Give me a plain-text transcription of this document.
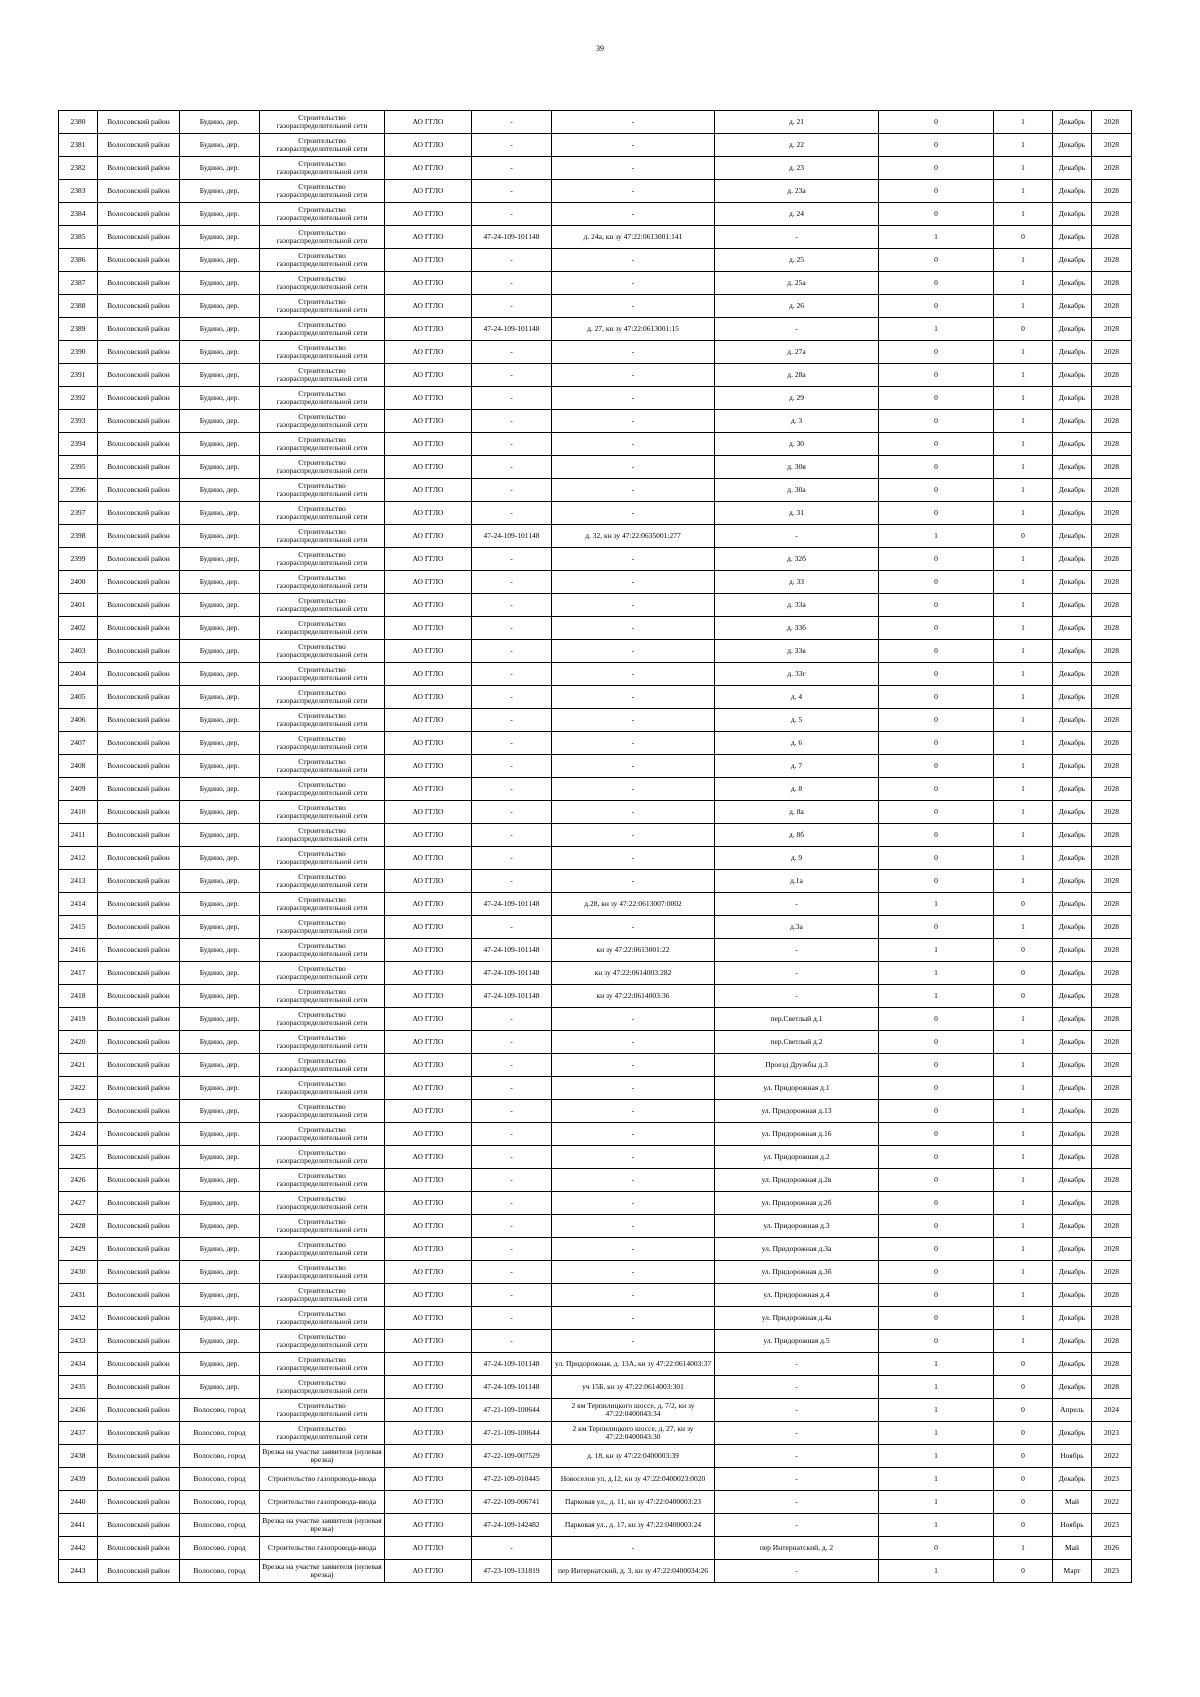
39
2380	Волосовский район	Будино, дер.	Строительство газораспределительной сети	АО ГГЛО	-	-	д. 21	0	1	Декабрь	2028
2381	Волосовский район	Будино, дер.	Строительство газораспределительной сети	АО ГГЛО	-	-	д. 22	0	1	Декабрь	2028
2382	Волосовский район	Будино, дер.	Строительство газораспределительной сети	АО ГГЛО	-	-	д. 23	0	1	Декабрь	2028
2383	Волосовский район	Будино, дер.	Строительство газораспределительной сети	АО ГГЛО	-	-	д. 23а	0	1	Декабрь	2028
2384	Волосовский район	Будино, дер.	Строительство газораспределительной сети	АО ГГЛО	-	-	д. 24	0	1	Декабрь	2028
2385	Волосовский район	Будино, дер.	Строительство газораспределительной сети	АО ГГЛО	47-24-109-101148	д. 24а, кн зу 47:22:0613001:141	-	1	0	Декабрь	2028
2386	Волосовский район	Будино, дер.	Строительство газораспределительной сети	АО ГГЛО	-	-	д. 25	0	1	Декабрь	2028
2387	Волосовский район	Будино, дер.	Строительство газораспределительной сети	АО ГГЛО	-	-	д. 25а	0	1	Декабрь	2028
2388	Волосовский район	Будино, дер.	Строительство газораспределительной сети	АО ГГЛО	-	-	д. 26	0	1	Декабрь	2028
2389	Волосовский район	Будино, дер.	Строительство газораспределительной сети	АО ГГЛО	47-24-109-101148	д. 27, кн зу 47:22:0613001:15	-	1	0	Декабрь	2028
2390	Волосовский район	Будино, дер.	Строительство газораспределительной сети	АО ГГЛО	-	-	д. 27а	0	1	Декабрь	2028
2391	Волосовский район	Будино, дер.	Строительство газораспределительной сети	АО ГГЛО	-	-	д. 28а	0	1	Декабрь	2028
2392	Волосовский район	Будино, дер.	Строительство газораспределительной сети	АО ГГЛО	-	-	д. 29	0	1	Декабрь	2028
2393	Волосовский район	Будино, дер.	Строительство газораспределительной сети	АО ГГЛО	-	-	д. 3	0	1	Декабрь	2028
2394	Волосовский район	Будино, дер.	Строительство газораспределительной сети	АО ГГЛО	-	-	д. 30	0	1	Декабрь	2028
2395	Волосовский район	Будино, дер.	Строительство газораспределительной сети	АО ГГЛО	-	-	д. 30в	0	1	Декабрь	2028
2396	Волосовский район	Будино, дер.	Строительство газораспределительной сети	АО ГГЛО	-	-	д. 30а	0	1	Декабрь	2028
2397	Волосовский район	Будино, дер.	Строительство газораспределительной сети	АО ГГЛО	-	-	д. 31	0	1	Декабрь	2028
2398	Волосовский район	Будино, дер.	Строительство газораспределительной сети	АО ГГЛО	47-24-109-101148	д. 32, кн зу 47:22:0635001:277	-	1	0	Декабрь	2028
2399	Волосовский район	Будино, дер.	Строительство газораспределительной сети	АО ГГЛО	-	-	д. 32б	0	1	Декабрь	2028
2400	Волосовский район	Будино, дер.	Строительство газораспределительной сети	АО ГГЛО	-	-	д. 33	0	1	Декабрь	2028
2401	Волосовский район	Будино, дер.	Строительство газораспределительной сети	АО ГГЛО	-	-	д. 33а	0	1	Декабрь	2028
2402	Волосовский район	Будино, дер.	Строительство газораспределительной сети	АО ГГЛО	-	-	д. 33б	0	1	Декабрь	2028
2403	Волосовский район	Будино, дер.	Строительство газораспределительной сети	АО ГГЛО	-	-	д. 33в	0	1	Декабрь	2028
2404	Волосовский район	Будино, дер.	Строительство газораспределительной сети	АО ГГЛО	-	-	д. 33г	0	1	Декабрь	2028
2405	Волосовский район	Будино, дер.	Строительство газораспределительной сети	АО ГГЛО	-	-	д. 4	0	1	Декабрь	2028
2406	Волосовский район	Будино, дер.	Строительство газораспределительной сети	АО ГГЛО	-	-	д. 5	0	1	Декабрь	2028
2407	Волосовский район	Будино, дер.	Строительство газораспределительной сети	АО ГГЛО	-	-	д. 6	0	1	Декабрь	2028
2408	Волосовский район	Будино, дер.	Строительство газораспределительной сети	АО ГГЛО	-	-	д. 7	0	1	Декабрь	2028
2409	Волосовский район	Будино, дер.	Строительство газораспределительной сети	АО ГГЛО	-	-	д. 8	0	1	Декабрь	2028
2410	Волосовский район	Будино, дер.	Строительство газораспределительной сети	АО ГГЛО	-	-	д. 8а	0	1	Декабрь	2028
2411	Волосовский район	Будино, дер.	Строительство газораспределительной сети	АО ГГЛО	-	-	д. 8б	0	1	Декабрь	2028
2412	Волосовский район	Будино, дер.	Строительство газораспределительной сети	АО ГГЛО	-	-	д. 9	0	1	Декабрь	2028
2413	Волосовский район	Будино, дер.	Строительство газораспределительной сети	АО ГГЛО	-	-	д.1а	0	1	Декабрь	2028
2414	Волосовский район	Будино, дер.	Строительство газораспределительной сети	АО ГГЛО	47-24-109-101148	д.28, кн зу 47:22:0613007:0002	-	1	0	Декабрь	2028
2415	Волосовский район	Будино, дер.	Строительство газораспределительной сети	АО ГГЛО	-	-	д.3а	0	1	Декабрь	2028
2416	Волосовский район	Будино, дер.	Строительство газораспределительной сети	АО ГГЛО	47-24-109-101148	кн зу 47:22:0613001:22	-	1	0	Декабрь	2028
2417	Волосовский район	Будино, дер.	Строительство газораспределительной сети	АО ГГЛО	47-24-109-101148	кн зу 47:22:0614003:282	-	1	0	Декабрь	2028
2418	Волосовский район	Будино, дер.	Строительство газораспределительной сети	АО ГГЛО	47-24-109-101148	кн зу 47:22:0614003:36	-	1	0	Декабрь	2028
2419	Волосовский район	Будино, дер.	Строительство газораспределительной сети	АО ГГЛО	-	-	пер.Светлый д.1	0	1	Декабрь	2028
2420	Волосовский район	Будино, дер.	Строительство газораспределительной сети	АО ГГЛО	-	-	пер.Светлый д.2	0	1	Декабрь	2028
2421	Волосовский район	Будино, дер.	Строительство газораспределительной сети	АО ГГЛО	-	-	Проезд Дружбы д.3	0	1	Декабрь	2028
2422	Волосовский район	Будино, дер.	Строительство газораспределительной сети	АО ГГЛО	-	-	ул. Придорожная д.1	0	1	Декабрь	2028
2423	Волосовский район	Будино, дер.	Строительство газораспределительной сети	АО ГГЛО	-	-	ул. Придорожная д.13	0	1	Декабрь	2028
2424	Волосовский район	Будино, дер.	Строительство газораспределительной сети	АО ГГЛО	-	-	ул. Придорожная д.16	0	1	Декабрь	2028
2425	Волосовский район	Будино, дер.	Строительство газораспределительной сети	АО ГГЛО	-	-	ул. Придорожная д.2	0	1	Декабрь	2028
2426	Волосовский район	Будино, дер.	Строительство газораспределительной сети	АО ГГЛО	-	-	ул. Придорожная д.2в	0	1	Декабрь	2028
2427	Волосовский район	Будино, дер.	Строительство газораспределительной сети	АО ГГЛО	-	-	ул. Придорожная д.2б	0	1	Декабрь	2028
2428	Волосовский район	Будино, дер.	Строительство газораспределительной сети	АО ГГЛО	-	-	ул. Придорожная д.3	0	1	Декабрь	2028
2429	Волосовский район	Будино, дер.	Строительство газораспределительной сети	АО ГГЛО	-	-	ул. Придорожная д.3а	0	1	Декабрь	2028
2430	Волосовский район	Будино, дер.	Строительство газораспределительной сети	АО ГГЛО	-	-	ул. Придорожная д.3б	0	1	Декабрь	2028
2431	Волосовский район	Будино, дер.	Строительство газораспределительной сети	АО ГГЛО	-	-	ул. Придорожная д.4	0	1	Декабрь	2028
2432	Волосовский район	Будино, дер.	Строительство газораспределительной сети	АО ГГЛО	-	-	ул. Придорожная д.4а	0	1	Декабрь	2028
2433	Волосовский район	Будино, дер.	Строительство газораспределительной сети	АО ГГЛО	-	-	ул. Придорожная д.5	0	1	Декабрь	2028
2434	Волосовский район	Будино, дер.	Строительство газораспределительной сети	АО ГГЛО	47-24-109-101148	ул. Придорожная, д. 13А, кн зу 47:22:0614003:37	-	1	0	Декабрь	2028
2435	Волосовский район	Будино, дер.	Строительство газораспределительной сети	АО ГГЛО	47-24-109-101148	уч 15Б, кн зу 47:22:0614003:301	-	1	0	Декабрь	2028
2436	Волосовский район	Волосово, город	Строительство газораспределительной сети	АО ГГЛО	47-21-109-100644	2 км Терпилицкого шоссе, д. 7/2, кн зу 47:22:0400043:34	-	1	0	Апрель	2024
2437	Волосовский район	Волосово, город	Строительство газораспределительной сети	АО ГГЛО	47-21-109-100644	2 км Терпилицкого шоссе, д. 27, кн зу 47:22:0400043:30	-	1	0	Декабрь	2023
2438	Волосовский район	Волосово, город	Врезка на участке заявителя (нулевая врезка)	АО ГГЛО	47-22-109-007529	д. 18, кн зу 47:22:0400003:39	-	1	0	Ноябрь	2022
2439	Волосовский район	Волосово, город	Строительство газопровода-ввода	АО ГГЛО	47-22-109-010445	Новоселов ул, д.12, кн зу 47:22:0400023:0020	-	1	0	Декабрь	2023
2440	Волосовский район	Волосово, город	Строительство газопровода-ввода	АО ГГЛО	47-22-109-006741	Парковая ул., д. 11, кн зу 47:22:0400003:23	-	1	0	Май	2022
2441	Волосовский район	Волосово, город	Врезка на участке заявителя (нулевая врезка)	АО ГГЛО	47-24-109-142482	Парковая ул., д. 17, кн зу 47:22:0400003:24	-	1	0	Ноябрь	2023
2442	Волосовский район	Волосово, город	Строительство газопровода-ввода	АО ГГЛО	-	-	пер Интернатский, д. 2	0	1	Май	2026
2443	Волосовский район	Волосово, город	Врезка на участке заявителя (нулевая врезка)	АО ГГЛО	47-23-109-131819	пер Интернатский, д. 3, кн зу 47:22:0400034:26	-	1	0	Март	2023
